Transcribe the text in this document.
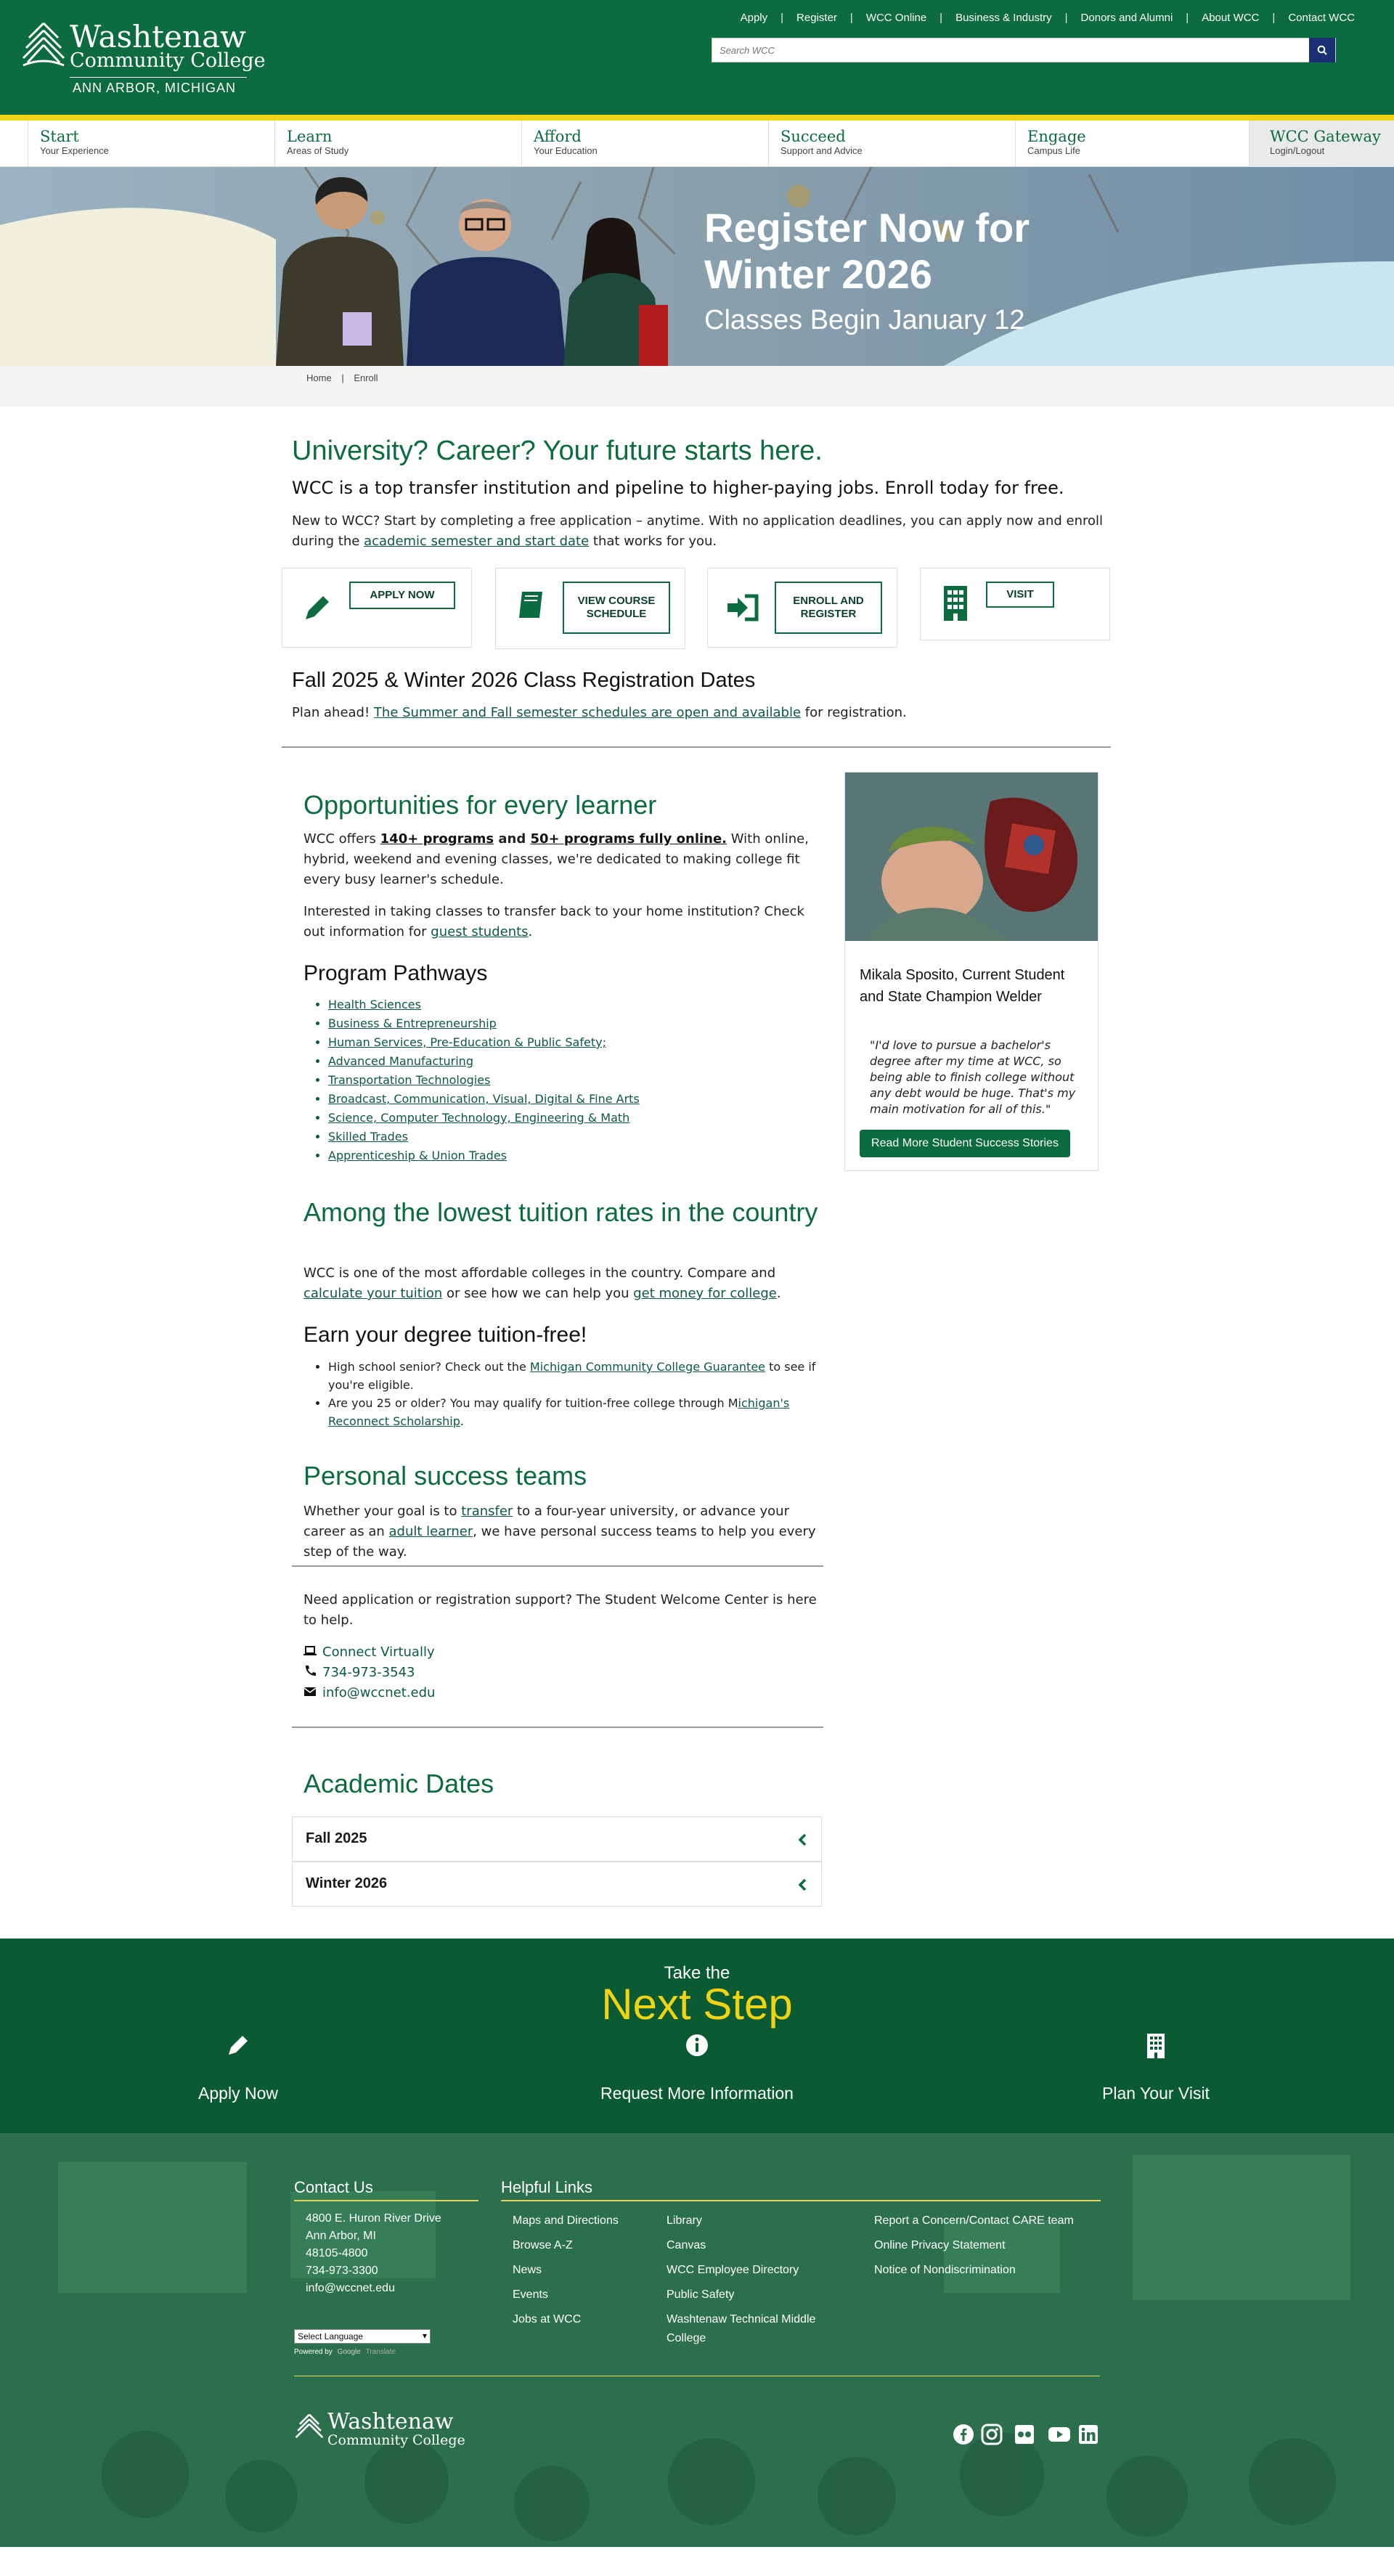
Washtenaw
Community College
ANN ARBOR, MICHIGAN
Apply | Register | WCC Online | Business & Industry | Donors and Alumni | About WCC | Contact WCC
Search WCC
Start
Your Experience
Learn
Areas of Study
Afford
Your Education
Succeed
Support and Advice
Engage
Campus Life
WCC Gateway
Login/Logout
Register Now for
Winter 2026
Classes Begin January 12
Home | Enroll
University? Career? Your future starts here.
WCC is a top transfer institution and pipeline to higher-paying jobs. Enroll today for free.
New to WCC? Start by completing a free application – anytime. With no application deadlines, you can apply now and enroll during the academic semester and start date that works for you.
APPLY NOW	VIEW COURSE SCHEDULE
ENROLL AND REGISTER
VISIT
Fall 2025 & Winter 2026 Class Registration Dates
Plan ahead! The Summer and Fall semester schedules are open and available for registration.
Opportunities for every learner
WCC offers 140+ programs and 50+ programs fully online. With online, hybrid, weekend and evening classes, we're dedicated to making college fit every busy learner's schedule.
Interested in taking classes to transfer back to your home institution? Check out information for guest students.
Program Pathways
• Health Sciences
• Business & Entrepreneurship
• Human Services, Pre-Education & Public Safety;
• Advanced Manufacturing
• Transportation Technologies
• Broadcast, Communication, Visual, Digital & Fine Arts
• Science, Computer Technology, Engineering & Math
• Skilled Trades
• Apprenticeship & Union Trades
Mikala Sposito, Current Student and State Champion Welder
"I'd love to pursue a bachelor's degree after my time at WCC, so being able to finish college without any debt would be huge. That's my main motivation for all of this."
Read More Student Success Stories
Among the lowest tuition rates in the country
WCC is one of the most affordable colleges in the country. Compare and calculate your tuition or see how we can help you get money for college.
Earn your degree tuition-free!
• High school senior? Check out the Michigan Community College Guarantee to see if you're eligible.
• Are you 25 or older? You may qualify for tuition-free college through Michigan's Reconnect Scholarship.
Personal success teams
Whether your goal is to transfer to a four-year university, or advance your career as an adult learner, we have personal success teams to help you every step of the way.
Need application or registration support? The Student Welcome Center is here to help.
Connect Virtually
734-973-3543
info@wccnet.edu
Academic Dates
Fall 2025
Winter 2026
Take the
Next Step
Apply Now	Request More Information	Plan Your Visit
Contact Us
4800 E. Huron River Drive
Ann Arbor, MI
48105-4800
734-973-3300
info@wccnet.edu
Select Language	▾
Powered by Google Translate
Helpful Links
Maps and Directions
Browse A-Z
News
Events
Jobs at WCC
Library
Canvas
WCC Employee Directory
Public Safety
Washtenaw Technical Middle College
Report a Concern/Contact CARE team
Online Privacy Statement
Notice of Nondiscrimination
Washtenaw
Community College
